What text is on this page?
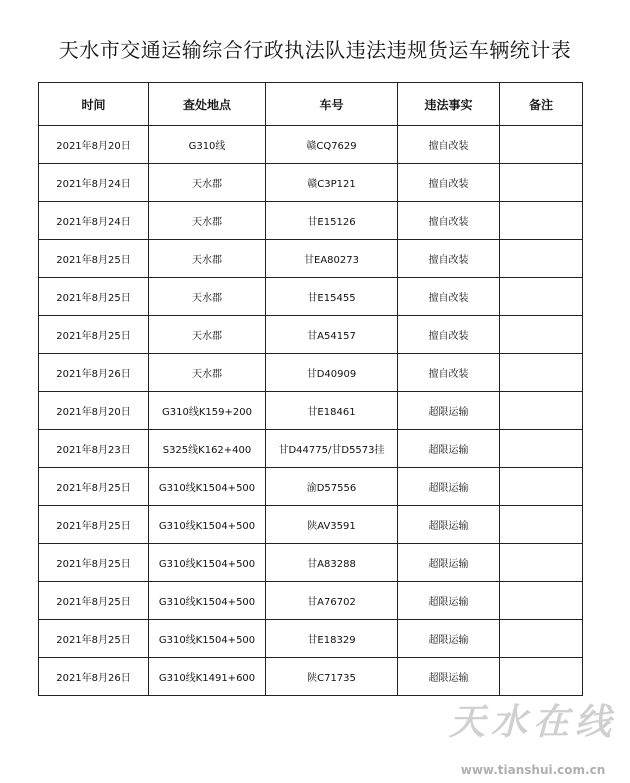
天水市交通运输综合行政执法队违法违规货运车辆统计表
时间	查处地点	车号	违法事实	备注
2021年8月20日	G310线	赣CQ7629	擅自改装	
2021年8月24日	天水郡	赣C3P121	擅自改装	
2021年8月24日	天水郡	甘E15126	擅自改装	
2021年8月25日	天水郡	甘EA80273	擅自改装	
2021年8月25日	天水郡	甘E15455	擅自改装	
2021年8月25日	天水郡	甘A54157	擅自改装	
2021年8月26日	天水郡	甘D40909	擅自改装	
2021年8月20日	G310线K159+200	甘E18461	超限运输	
2021年8月23日	S325线K162+400	甘D44775/甘D5573挂	超限运输	
2021年8月25日	G310线K1504+500	渝D57556	超限运输	
2021年8月25日	G310线K1504+500	陕AV3591	超限运输	
2021年8月25日	G310线K1504+500	甘A83288	超限运输	
2021年8月25日	G310线K1504+500	甘A76702	超限运输	
2021年8月25日	G310线K1504+500	甘E18329	超限运输	
2021年8月26日	G310线K1491+600	陕C71735	超限运输	
天水在线
www.tianshui.com.cn
